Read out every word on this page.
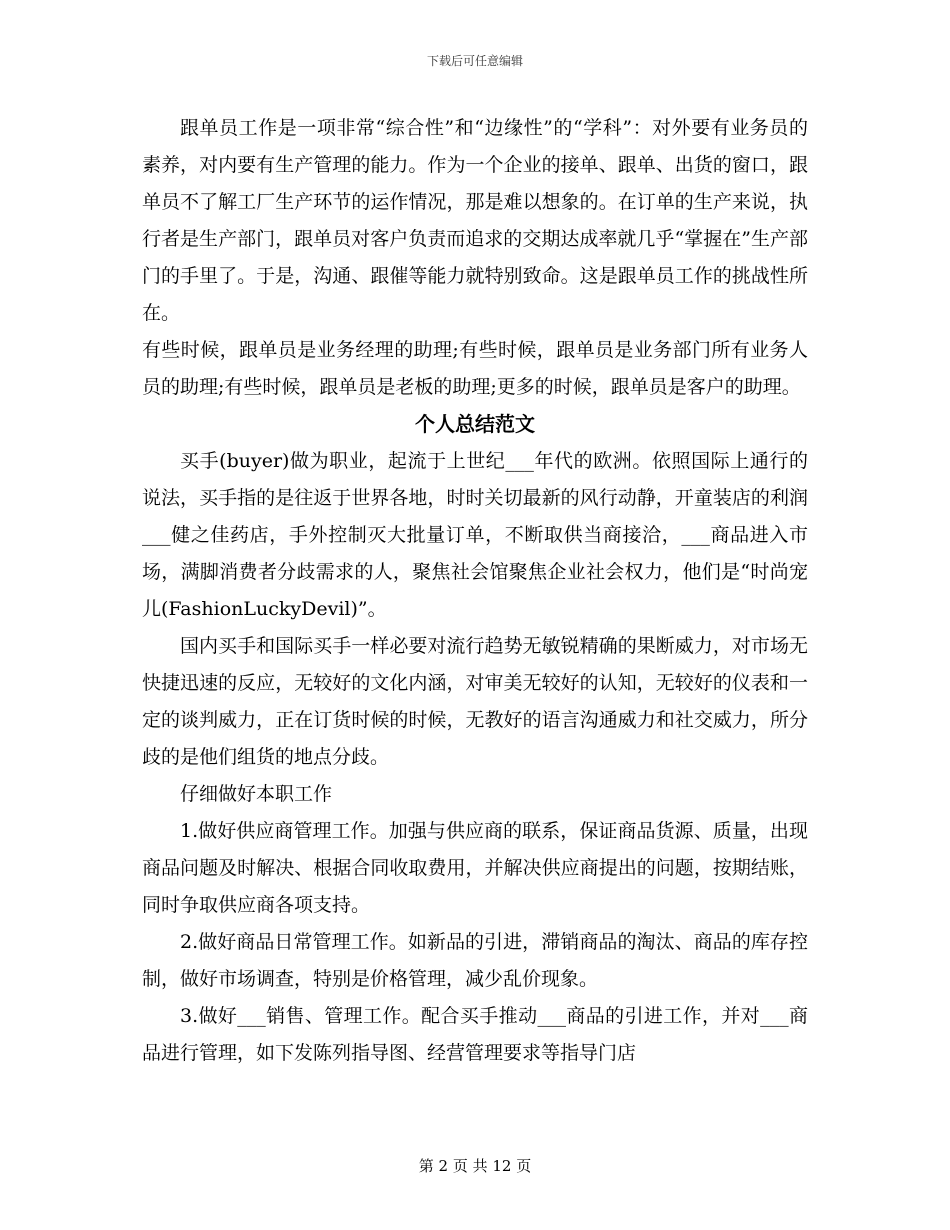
下载后可任意编辑

跟单员工作是一项非常“综合性”和“边缘性”的“学科”：对外要有业务员的素养，对内要有生产管理的能力。作为一个企业的接单、跟单、出货的窗口，跟单员不了解工厂生产环节的运作情况，那是难以想象的。在订单的生产来说，执行者是生产部门，跟单员对客户负责而追求的交期达成率就几乎“掌握在”生产部门的手里了。于是，沟通、跟催等能力就特别致命。这是跟单员工作的挑战性所在。

有些时候，跟单员是业务经理的助理;有些时候，跟单员是业务部门所有业务人员的助理;有些时候，跟单员是老板的助理;更多的时候，跟单员是客户的助理。

个人总结范文

买手(buyer)做为职业，起流于上世纪___年代的欧洲。依照国际上通行的说法，买手指的是往返于世界各地，时时关切最新的风行动静，开童装店的利润___健之佳药店，手外控制灭大批量订单，不断取供当商接洽，___商品进入市场，满脚消费者分歧需求的人，聚焦社会馆聚焦企业社会权力，他们是“时尚宠儿(FashionLuckyDevil)”。

国内买手和国际买手一样必要对流行趋势无敏锐精确的果断威力，对市场无快捷迅速的反应，无较好的文化内涵，对审美无较好的认知，无较好的仪表和一定的谈判威力，正在订货时候的时候，无教好的语言沟通威力和社交威力，所分歧的是他们组货的地点分歧。

仔细做好本职工作

1.做好供应商管理工作。加强与供应商的联系，保证商品货源、质量，出现商品问题及时解决、根据合同收取费用，并解决供应商提出的问题，按期结账，同时争取供应商各项支持。

2.做好商品日常管理工作。如新品的引进，滞销商品的淘汰、商品的库存控制，做好市场调查，特别是价格管理，减少乱价现象。

3.做好___销售、管理工作。配合买手推动___商品的引进工作，并对___商品进行管理，如下发陈列指导图、经营管理要求等指导门店

第 2 页 共 12 页
